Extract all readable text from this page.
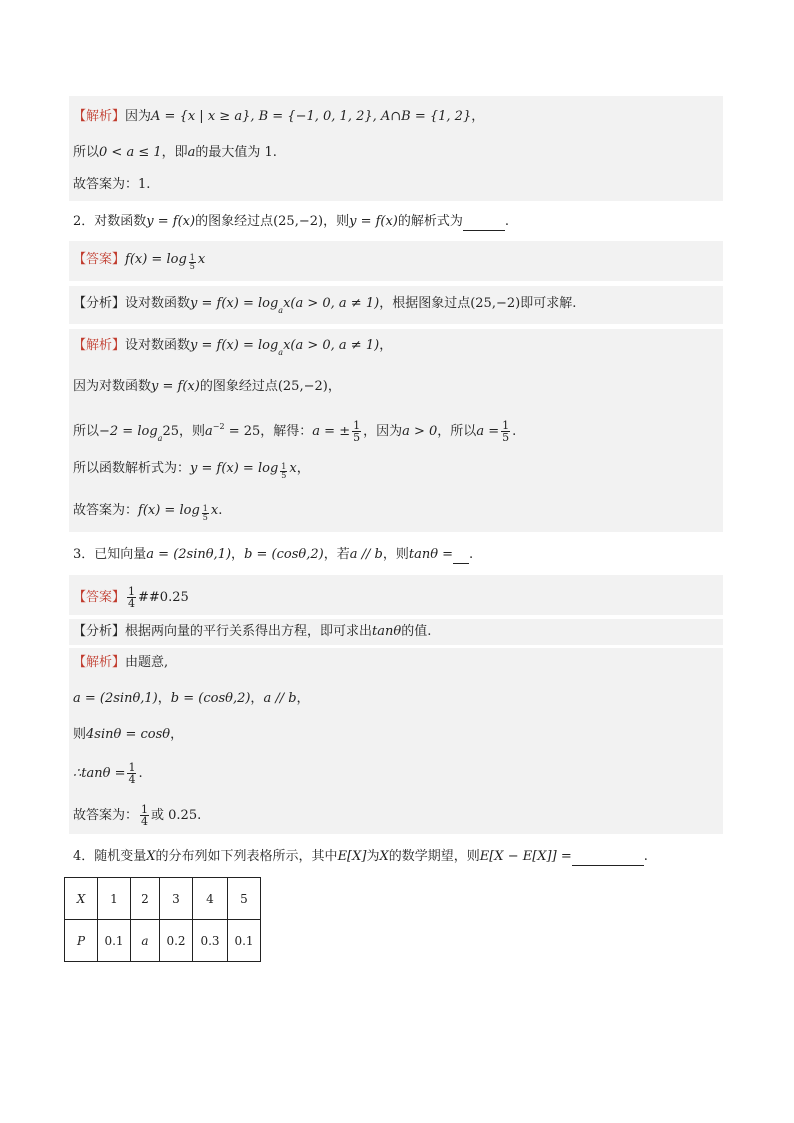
【解析】因为A = {x | x ≥ a}, B = {−1, 0, 1, 2}, A∩B = {1, 2}，
所以0 < a ≤ 1，即a的最大值为 1.
故答案为：1.
2．对数函数y = f(x)的图象经过点(25,−2)，则y = f(x)的解析式为	.
【答案】$f(x) = \log \frac{1}{5}$ x
【分析】设对数函数$y = f(x) = \log_ax(a > 0$, a ≠ 1)，根据图象过点(25,−2)即可求解.
【解析】设对数函数$y = f(x) = \log_ax(a > 0$, a ≠ 1)，
因为对数函数y = f(x)的图象经过点(25,−2)，
所以$-2 = \log_a25$，则$a^{-2} = 25$，解得：a = ± $\frac{1}{5}$ ，因为a > 0，所以$a = \frac{1}{5}$ .
所以函数解析式为：$y = f(x) = \log \frac{1}{5}$ x，
故答案为：$f(x) = \log \frac{1}{5} x$.
3．已知向量a = (2sinθ,1)，b = (cosθ,2)，若a // b，则tanθ = .
【答案】 $\frac{1}{4}$ ##0.25
【分析】根据两向量的平行关系得出方程，即可求出tanθ的值.
【解析】由题意,
a = (2sinθ,1)，b = (cosθ,2)，a // b，
则4sinθ = cosθ，
∴tanθ = $\frac{1}{4}$ .
故答案为： $\frac{1}{4}$ 或 0.25.
4．随机变量X的分布列如下列表格所示，其中E[X]为X的数学期望，则E[X − E[X]] =	.
X	1	2	3	4	5
P	0.1	a	0.2	0.3	0.1
